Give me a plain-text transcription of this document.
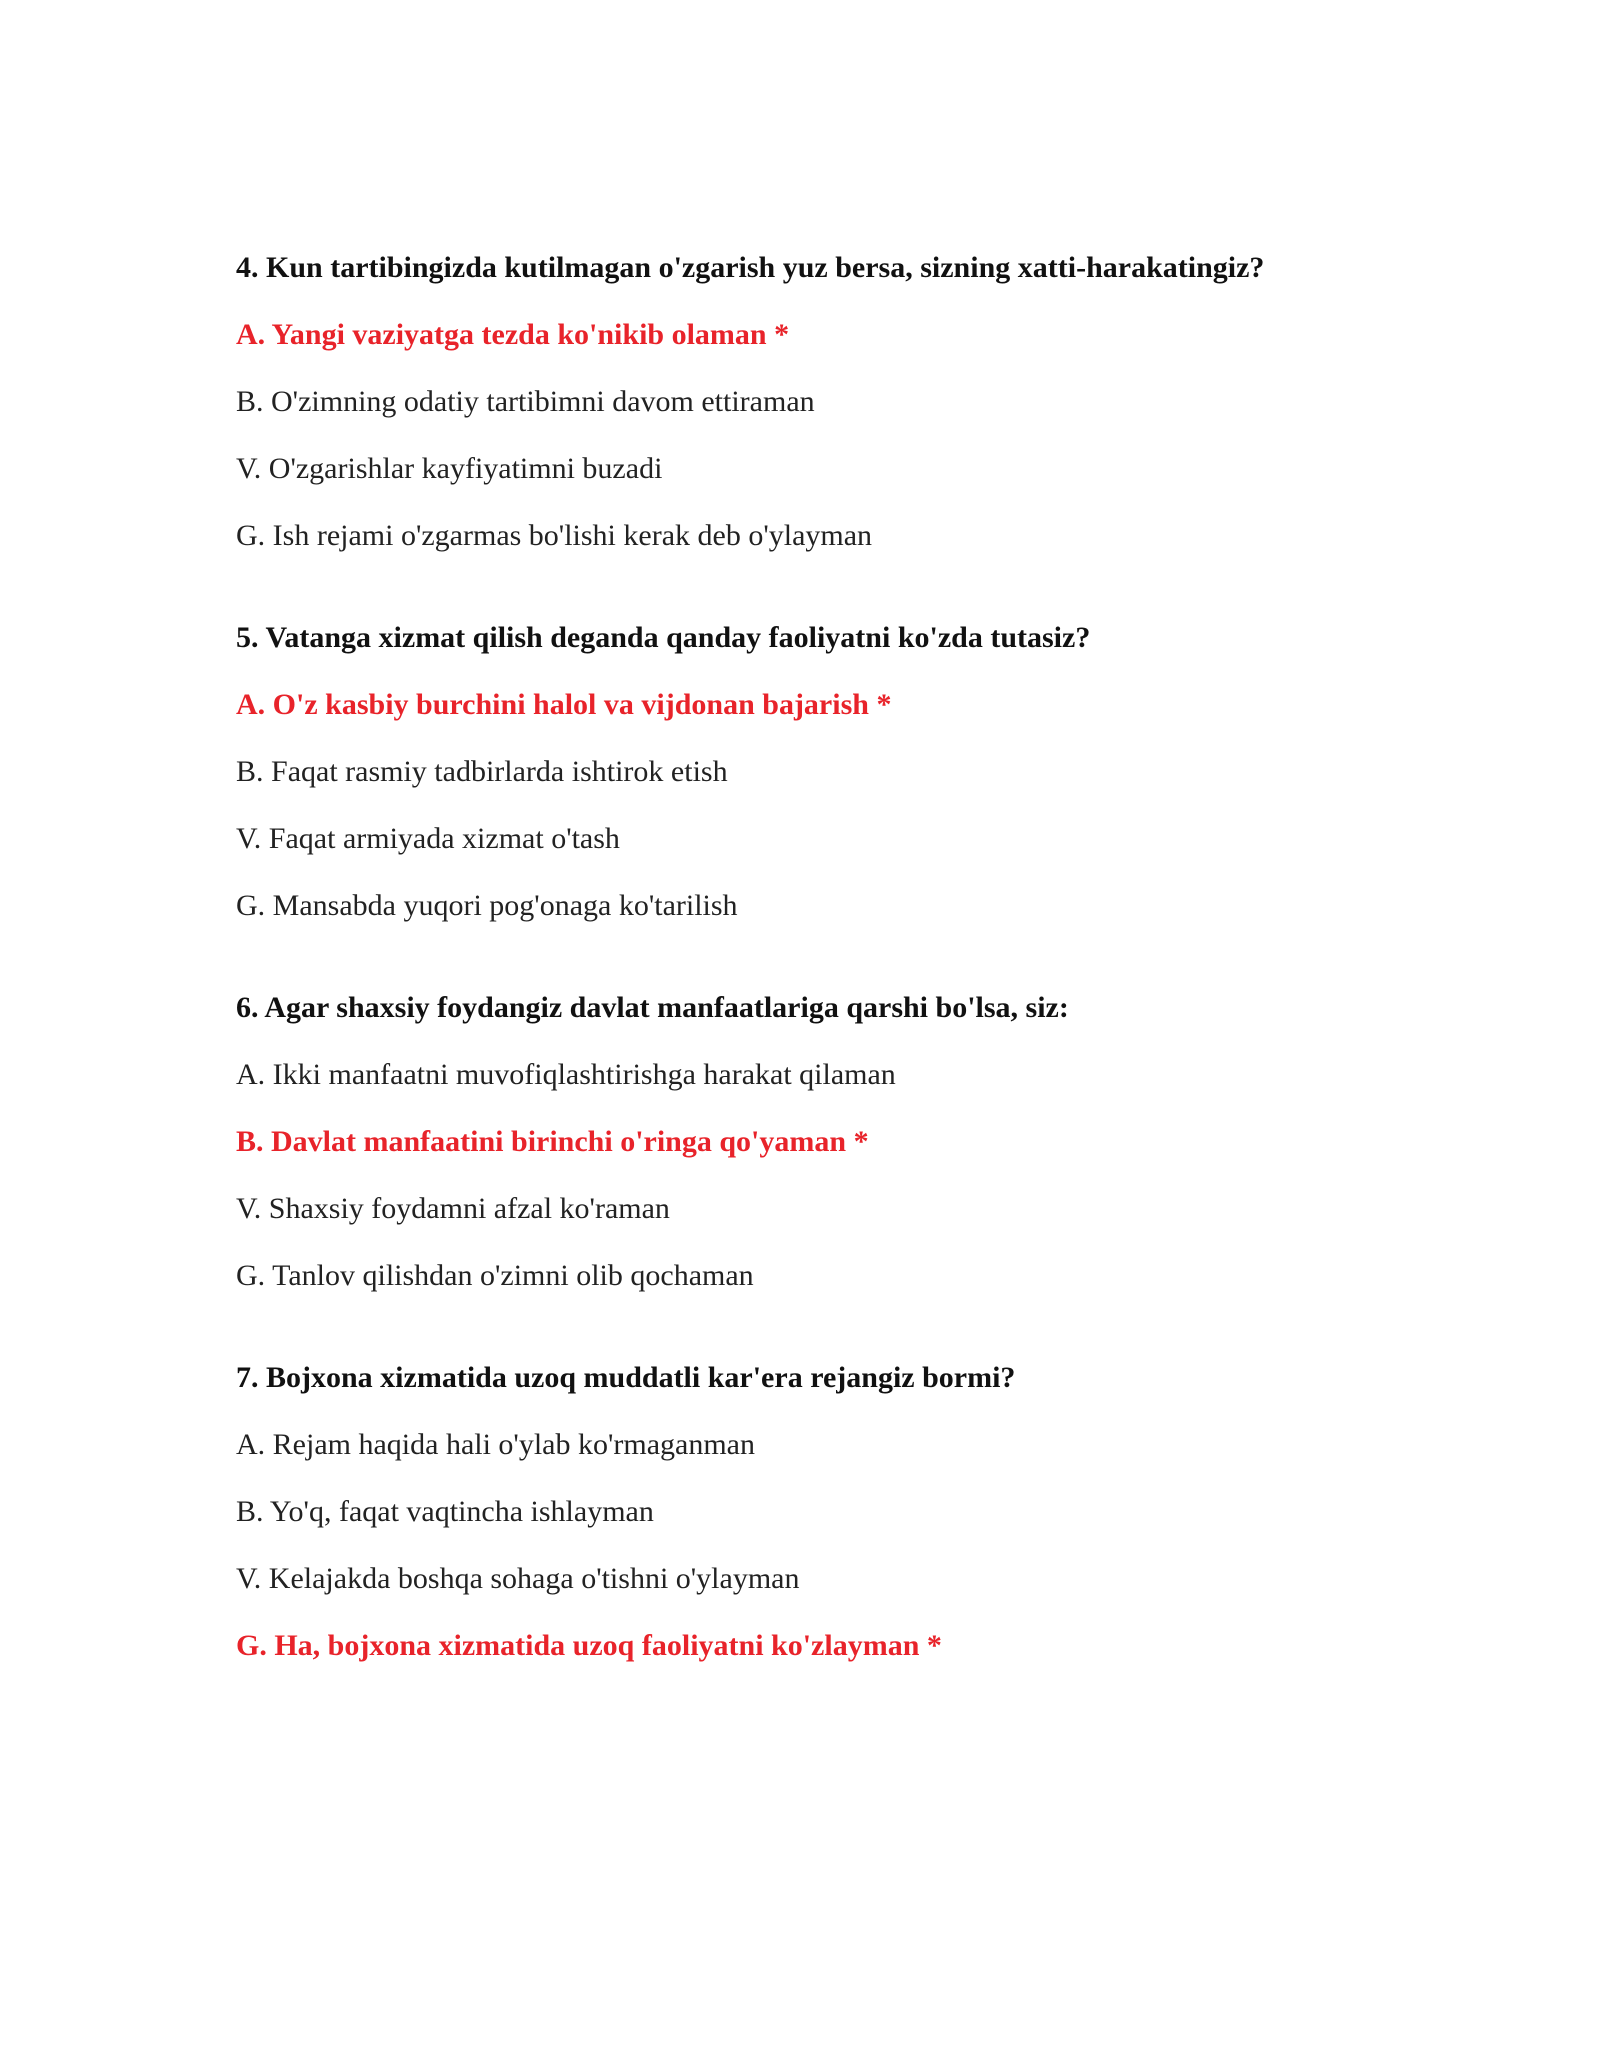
4. Kun tartibingizda kutilmagan o'zgarish yuz bersa, sizning xatti-harakatingiz?

A. Yangi vaziyatga tezda ko'nikib olaman *

B. O'zimning odatiy tartibimni davom ettiraman

V. O'zgarishlar kayfiyatimni buzadi

G. Ish rejami o'zgarmas bo'lishi kerak deb o'ylayman

5. Vatanga xizmat qilish deganda qanday faoliyatni ko'zda tutasiz?

A. O'z kasbiy burchini halol va vijdonan bajarish *

B. Faqat rasmiy tadbirlarda ishtirok etish

V. Faqat armiyada xizmat o'tash

G. Mansabda yuqori pog'onaga ko'tarilish

6. Agar shaxsiy foydangiz davlat manfaatlariga qarshi bo'lsa, siz:

A. Ikki manfaatni muvofiqlashtirishga harakat qilaman

B. Davlat manfaatini birinchi o'ringa qo'yaman *

V. Shaxsiy foydamni afzal ko'raman

G. Tanlov qilishdan o'zimni olib qochaman

7. Bojxona xizmatida uzoq muddatli kar'era rejangiz bormi?

A. Rejam haqida hali o'ylab ko'rmaganman

B. Yo'q, faqat vaqtincha ishlayman

V. Kelajakda boshqa sohaga o'tishni o'ylayman

G. Ha, bojxona xizmatida uzoq faoliyatni ko'zlayman *
